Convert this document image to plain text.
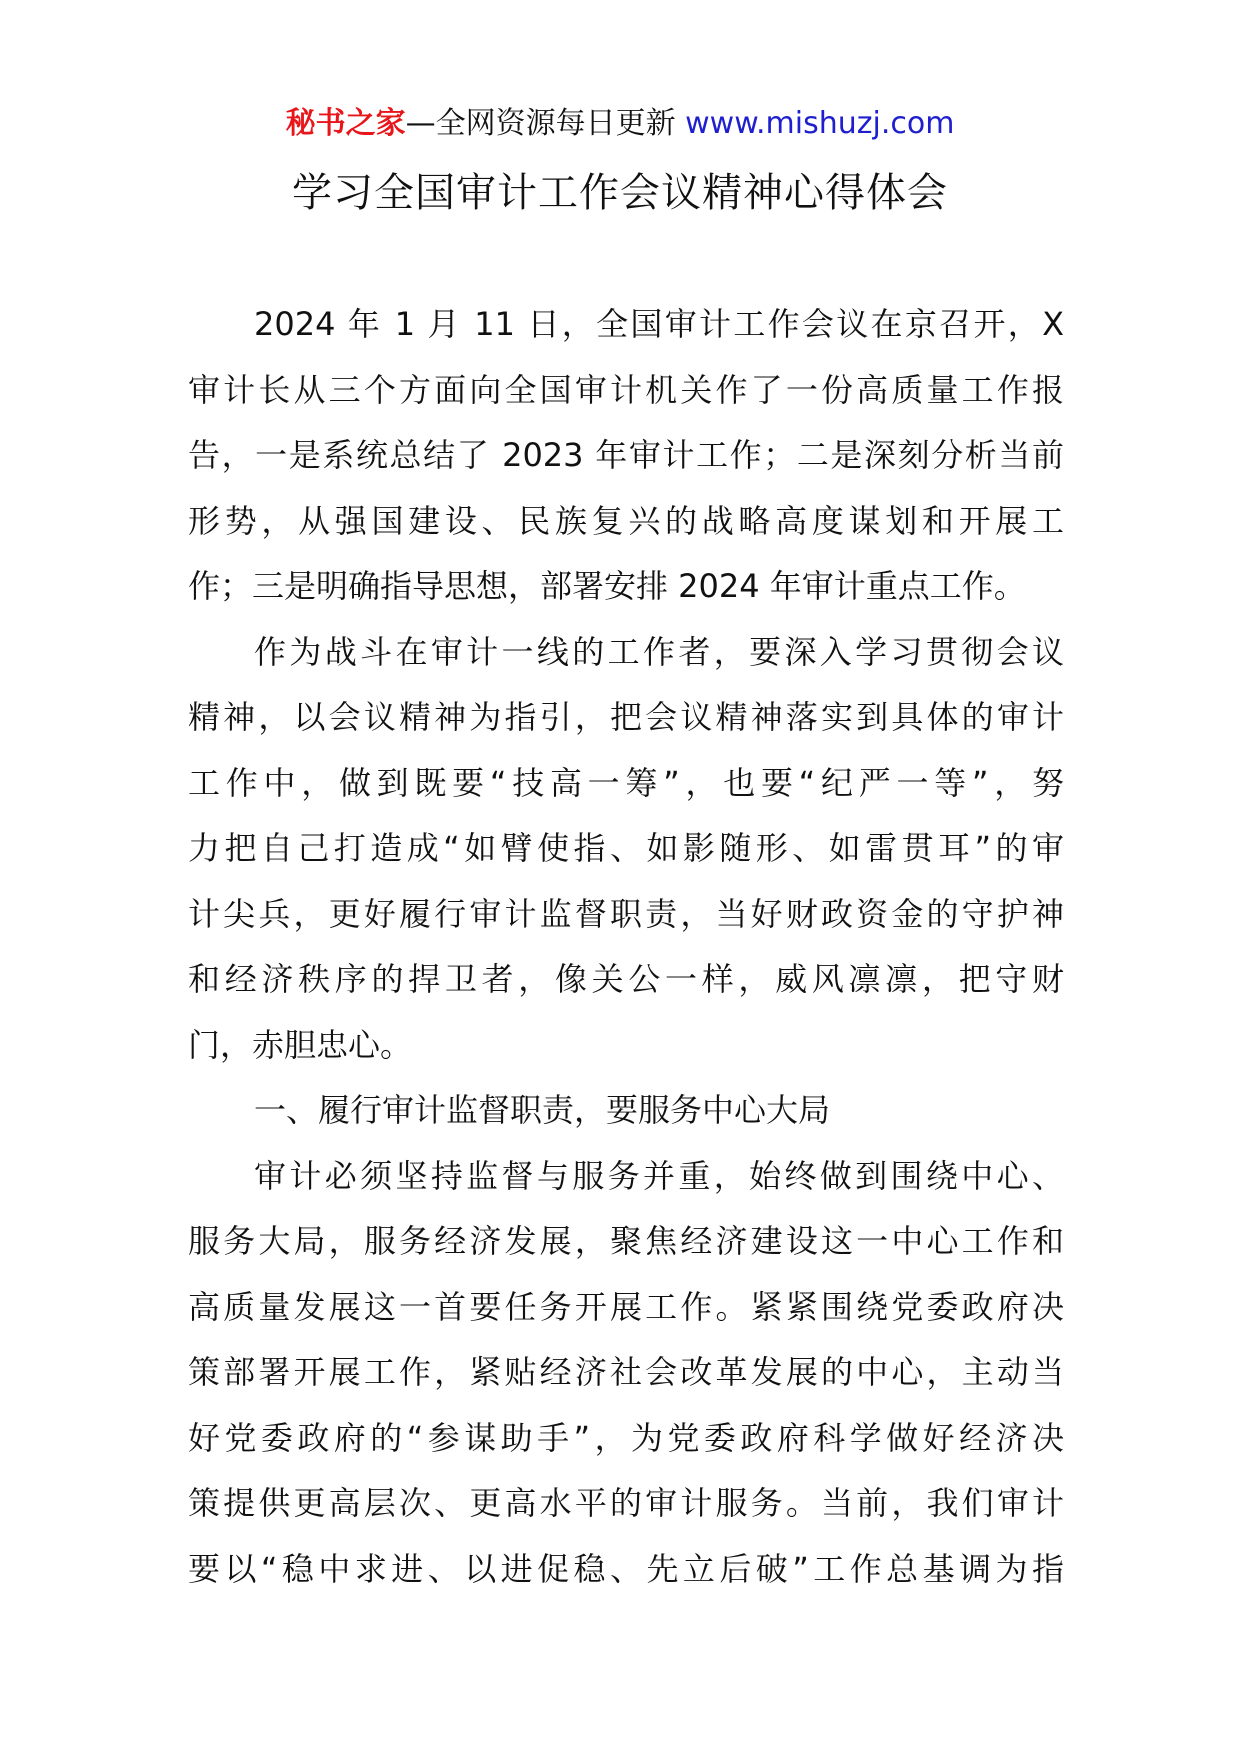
秘书之家—全网资源每日更新 www.mishuzj.com
学习全国审计工作会议精神心得体会
2024 年 1 月 11 日，全国审计工作会议在京召开，X
审计长从三个方面向全国审计机关作了一份高质量工作报
告，一是系统总结了 2023 年审计工作；二是深刻分析当前
形势，从强国建设、民族复兴的战略高度谋划和开展工
作；三是明确指导思想，部署安排 2024 年审计重点工作。
作为战斗在审计一线的工作者，要深入学习贯彻会议
精神，以会议精神为指引，把会议精神落实到具体的审计
工作中，做到既要“技高一筹”，也要“纪严一等”，努
力把自己打造成“如臂使指、如影随形、如雷贯耳”的审
计尖兵，更好履行审计监督职责，当好财政资金的守护神
和经济秩序的捍卫者，像关公一样，威风凛凛，把守财
门，赤胆忠心。
一、履行审计监督职责，要服务中心大局
审计必须坚持监督与服务并重，始终做到围绕中心、
服务大局，服务经济发展，聚焦经济建设这一中心工作和
高质量发展这一首要任务开展工作。紧紧围绕党委政府决
策部署开展工作，紧贴经济社会改革发展的中心，主动当
好党委政府的“参谋助手”，为党委政府科学做好经济决
策提供更高层次、更高水平的审计服务。当前，我们审计
要以“稳中求进、以进促稳、先立后破”工作总基调为指
